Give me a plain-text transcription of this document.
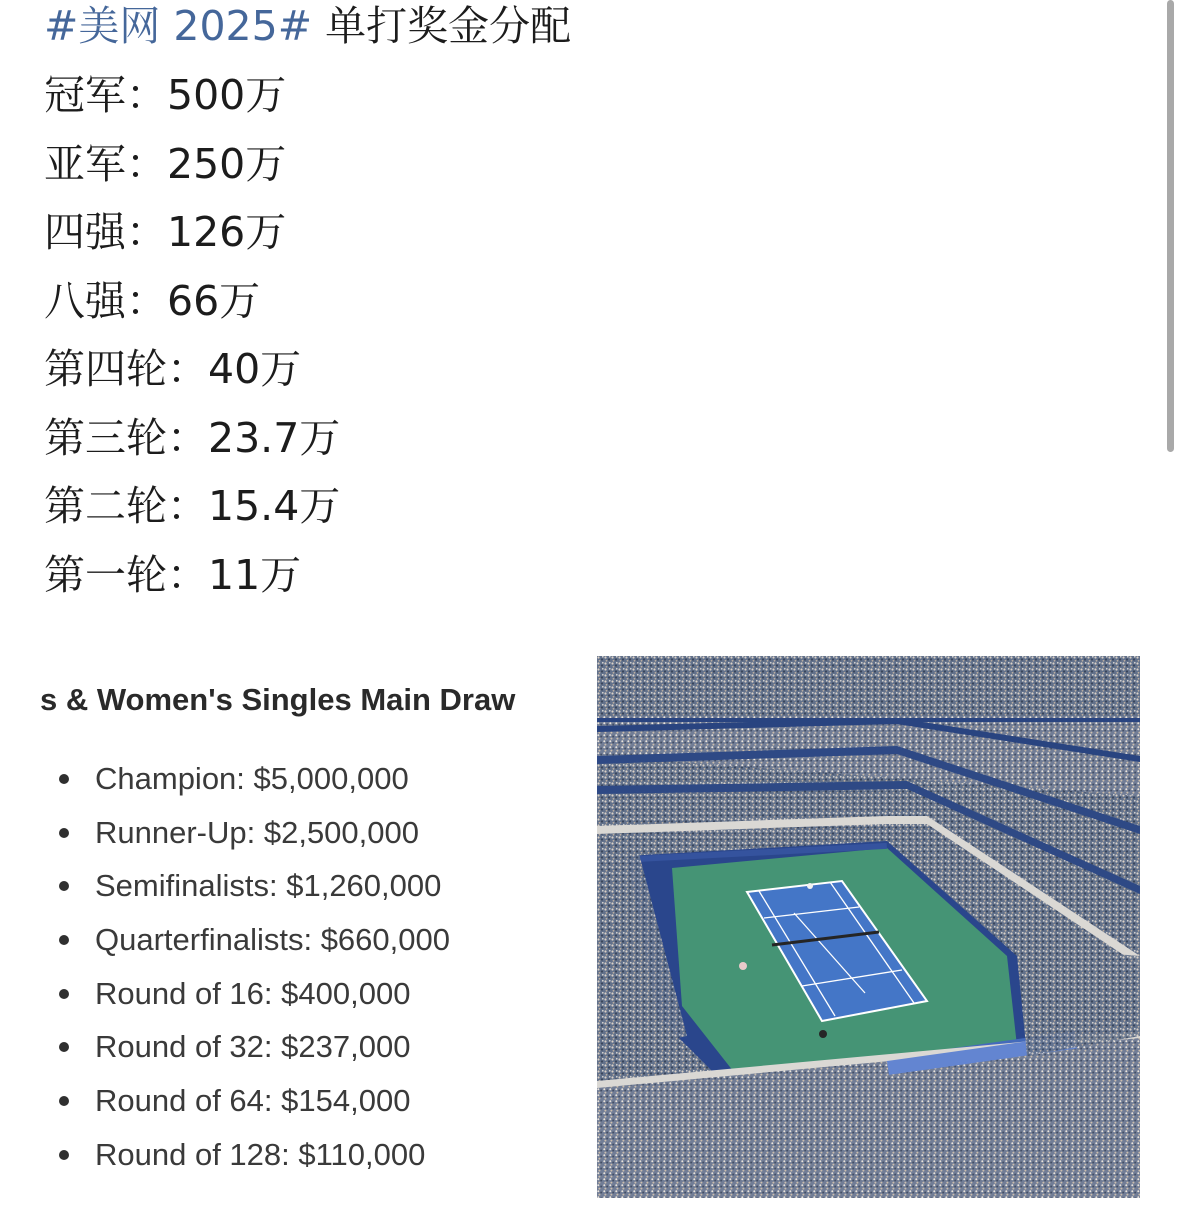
#美网 2025# 单打奖金分配
冠军：500万
亚军：250万
四强：126万
八强：66万
第四轮：40万
第三轮：23.7万
第二轮：15.4万
第一轮：11万
s & Women's Singles Main Draw
Champion: $5,000,000
Runner-Up: $2,500,000
Semifinalists: $1,260,000
Quarterfinalists: $660,000
Round of 16: $400,000
Round of 32: $237,000
Round of 64: $154,000
Round of 128: $110,000
